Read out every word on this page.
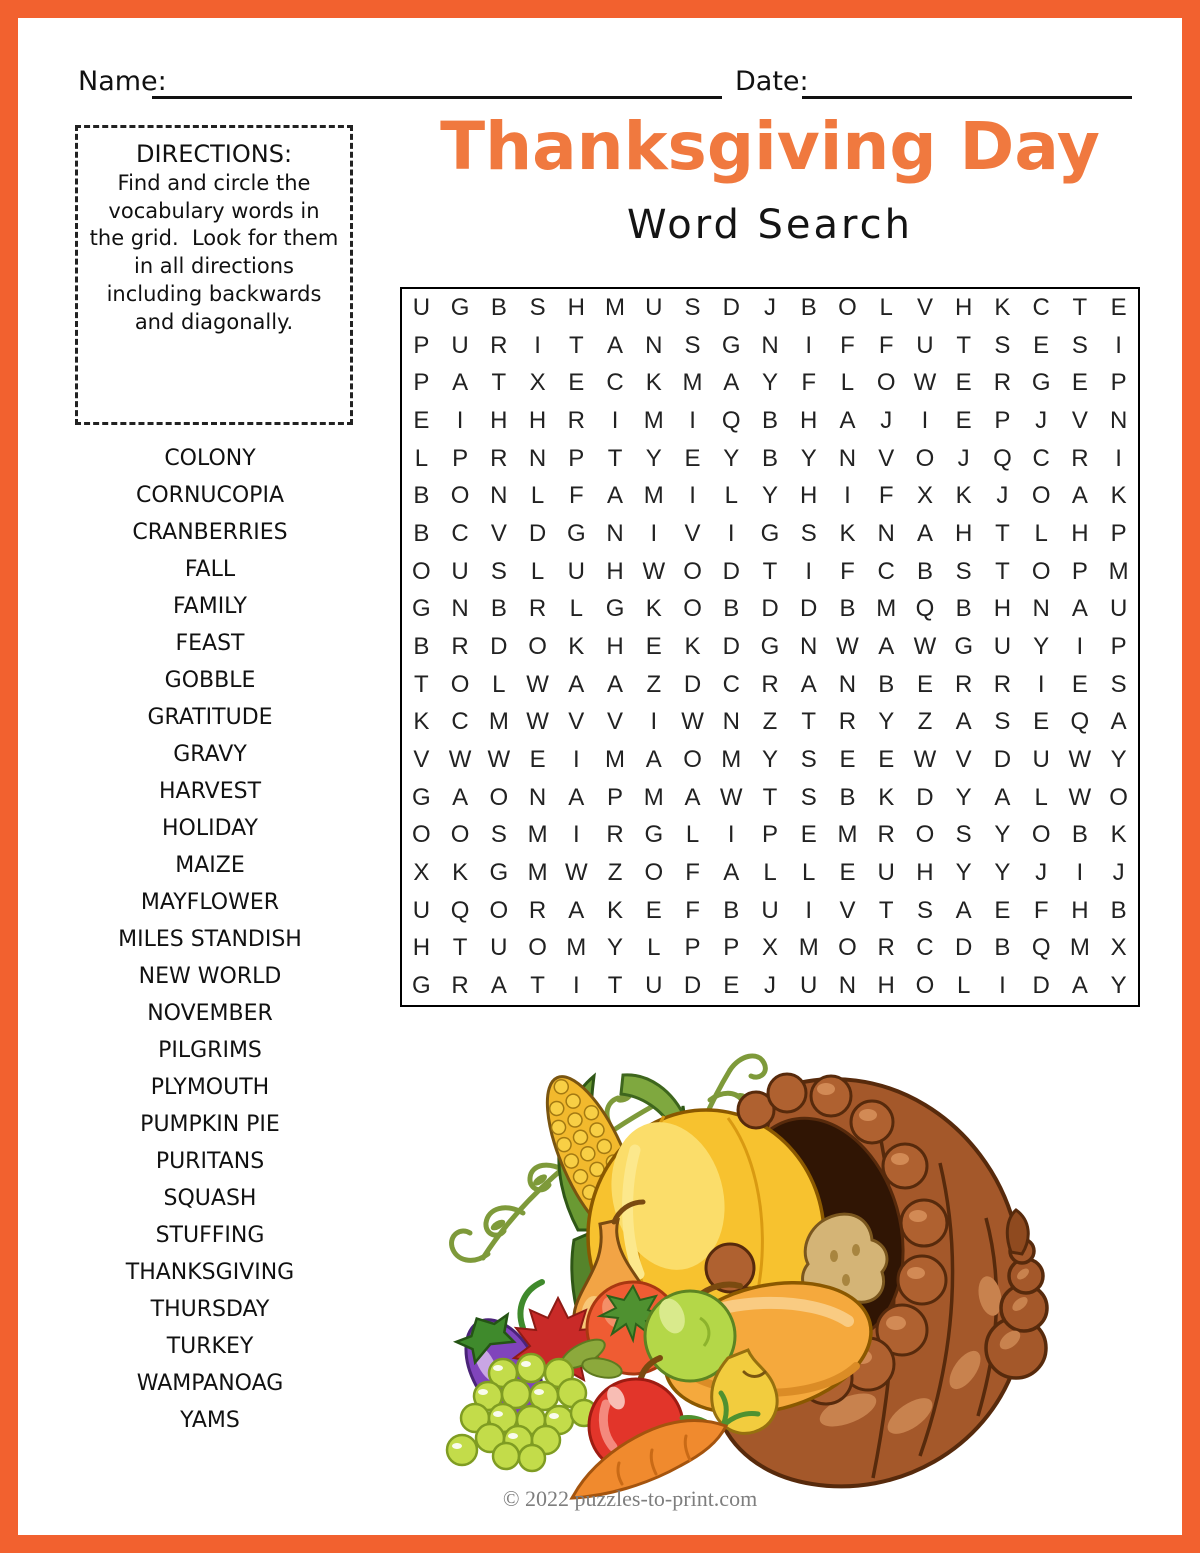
Name:	Date:
Thanksgiving Day
Word Search
DIRECTIONS:
Find and circle the vocabulary words in the grid.  Look for them in all directions including backwards and diagonally.
COLONY
CORNUCOPIA
CRANBERRIES
FALL
FAMILY
FEAST
GOBBLE
GRATITUDE
GRAVY
HARVEST
HOLIDAY
MAIZE
MAYFLOWER
MILES STANDISH
NEW WORLD
NOVEMBER
PILGRIMS
PLYMOUTH
PUMPKIN PIE
PURITANS
SQUASH
STUFFING
THANKSGIVING
THURSDAY
TURKEY
WAMPANOAG
YAMS
U G B S H M U S D	J	B O L	V H K C T E
P U R	I	T A N S G N	I	F	F U T S E S	I
P A T X E C K M A Y F	L O W E R G E P
E	I	H H R	I	M	I	Q B H A	J	I	E P	J	V N
L	P R N P T Y E Y B Y N V O J Q C R	I
B O N L	F A M	I	L	Y H	I	F X K	J O A K
B C V D G N	I	V	I	G S K N A H T	L H P
O U S	L U H W O D T	I	F C B S T O P M
G N B R L G K O B D D B M Q B H N A U
B R D O K H E K D G N W A W G U Y	I	P
T O L W A A Z D C R A N B E R R	I	E S
K C M W V V	I	W N Z	T R Y Z A S E Q A
V W W E	I	M A O M Y S E E W V D U W Y
G A O N A P M A W T S B K D Y A	L W O
O O S M	I	R G L	I	P E M R O S Y O B K
X K G M W Z O F A	L	L	E U H Y Y	J	I	J
U Q O R A K E F B U	I	V T S A E F H B
H T U O M Y	L	P P X M O R C D B Q M X
G R A T	I	T U D E	J	U N H O L	I	D A Y
© 2022 puzzles-to-print.com
